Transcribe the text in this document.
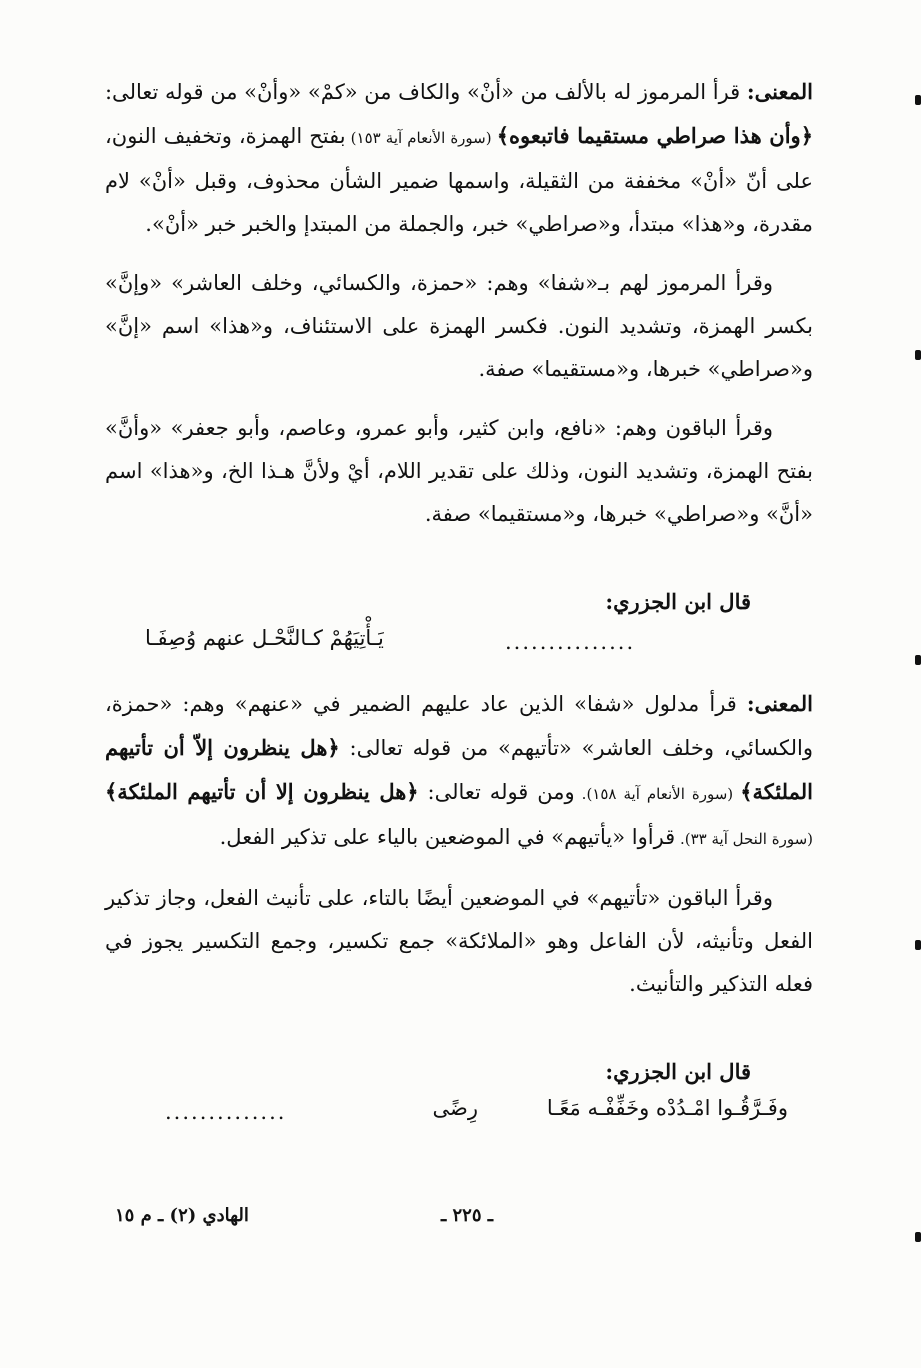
المعنى: قرأ المرموز له بالألف من «أنْ» والكاف من «كمْ» «وأنْ» من قوله تعالى: ﴿وأن هذا صراطي مستقيما فاتبعوه﴾ (سورة الأنعام آية ١٥٣) بفتح الهمزة، وتخفيف النون، على أنّ «أنْ» مخففة من الثقيلة، واسمها ضمير الشأن محذوف، وقبل «أنْ» لام مقدرة، و«هذا» مبتدأ، و«صراطي» خبر، والجملة من المبتدإ والخبر خبر «أنْ».

وقرأ المرموز لهم بـ«شفا» وهم: «حمزة، والكسائي، وخلف العاشر» «وإنَّ» بكسر الهمزة، وتشديد النون. فكسر الهمزة على الاستئناف، و«هذا» اسم «إنَّ» و«صراطي» خبرها، و«مستقيما» صفة.

وقرأ الباقون وهم: «نافع، وابن كثير، وأبو عمرو، وعاصم، وأبو جعفر» «وأنَّ» بفتح الهمزة، وتشديد النون، وذلك على تقدير اللام، أيْ ولأنَّ هـذا الخ، و«هذا» اسم «أنَّ» و«صراطي» خبرها، و«مستقيما» صفة.

قال ابن الجزري:
...............
يَـأْتِيَهُمْ كـالنَّحْـل عنهم وُصِفَـا

المعنى: قرأ مدلول «شفا» الذين عاد عليهم الضمير في «عنهم» وهم: «حمزة، والكسائي، وخلف العاشر» «تأتيهم» من قوله تعالى: ﴿هل ينظرون إلاّ أن تأتيهم الملئكة﴾ (سورة الأنعام آية ١٥٨). ومن قوله تعالى: ﴿هل ينظرون إلا أن تأتيهم الملئكة﴾ (سورة النحل آية ٣٣). قرأوا «يأتيهم» في الموضعين بالياء على تذكير الفعل.

وقرأ الباقون «تأتيهم» في الموضعين أيضًا بالتاء، على تأنيث الفعل، وجاز تذكير الفعل وتأنيثه، لأن الفاعل وهو «الملائكة» جمع تكسير، وجمع التكسير يجوز في فعله التذكير والتأنيث.

قال ابن الجزري:
وفَـرَّقُـوا امْـدُدْه وخَفِّفْـه مَعًـا
رِضًى
..............
ـ ٢٢٥ ـ
الهادي (٢) ـ م ١٥
